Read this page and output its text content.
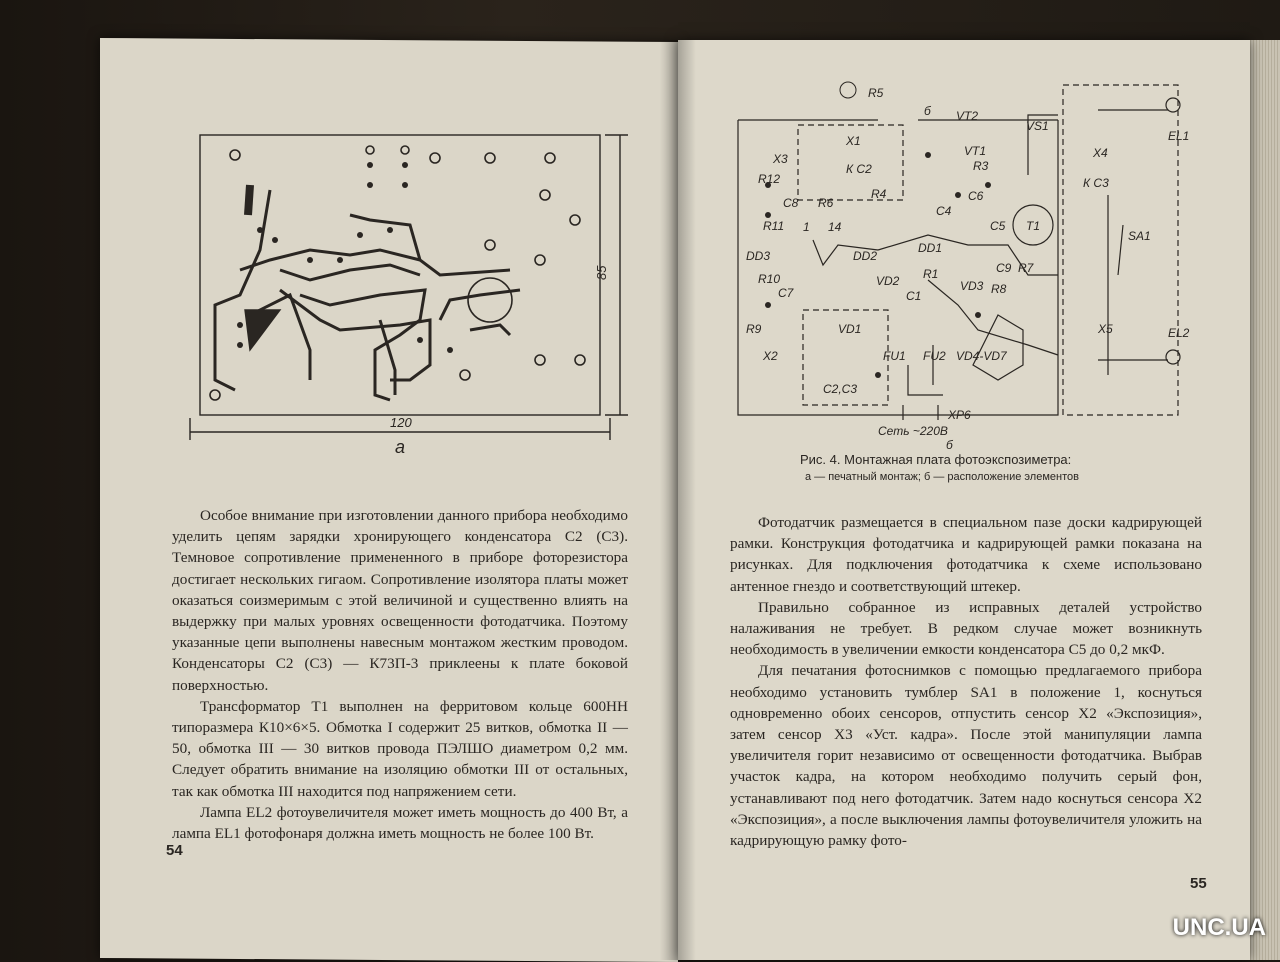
85
120
а

Особое внимание при изготовлении данного прибора необходимо уделить цепям зарядки хронирующего конденсатора С2 (С3). Темновое сопротивление примененного в приборе фоторезистора достигает нескольких гигаом. Сопротивление изолятора платы может оказаться соизмеримым с этой величиной и существенно влиять на выдержку при малых уровнях освещенности фотодатчика. Поэтому указанные цепи выполнены навесным монтажом жестким проводом. Конденсаторы С2 (С3) — К73П-3 приклеены к плате боковой поверхностью.

Трансформатор Т1 выполнен на ферритовом кольце 600НН типоразмера К10×6×5. Обмотка I содержит 25 витков, обмотка II — 50, обмотка III — 30 витков провода ПЭЛШО диаметром 0,2 мм. Следует обратить внимание на изоляцию обмотки III от остальных, так как обмотка III находится под напряжением сети.

Лампа EL2 фотоувеличителя может иметь мощность до 400 Вт, а лампа EL1 фотофонаря должна иметь мощность не более 100 Вт.

54
R5
X1
К С2
X3
R12
C8 R6
R4
R11 1 14
DD3
R10
C7
R9
X2
VD1
C2,C3
DD2
VD2
C1
FU1 FU2 VD4-VD7
б VT2
VT1
R3
C6
C4
C5 T1
DD1
R1
VD3
C9 R7
R8
VS1
EL1
X4
К С3
SA1
X5	EL2
XP6
Сеть ~220В
б
Рис. 4. Монтажная плата фотоэкспозиметра:
а — печатный монтаж; б — расположение элементов

Фотодатчик размещается в специальном пазе доски кадрирующей рамки. Конструкция фотодатчика и кадрирующей рамки показана на рисунках. Для подключения фотодатчика к схеме использовано антенное гнездо и соответствующий штекер.

Правильно собранное из исправных деталей устройство налаживания не требует. В редком случае может возникнуть необходимость в увеличении емкости конденсатора С5 до 0,2 мкФ.

Для печатания фотоснимков с помощью предлагаемого прибора необходимо установить тумблер SA1 в положение 1, коснуться одновременно обоих сенсоров, отпустить сенсор Х2 «Экспозиция», затем сенсор Х3 «Уст. кадра». После этой манипуляции лампа увеличителя горит независимо от освещенности фотодатчика. Выбрав участок кадра, на котором необходимо получить серый фон, устанавливают под него фотодатчик. Затем надо коснуться сенсора Х2 «Экспозиция», а после выключения лампы фотоувеличителя уложить на кадрирующую рамку фото-

55
UNC.UA
